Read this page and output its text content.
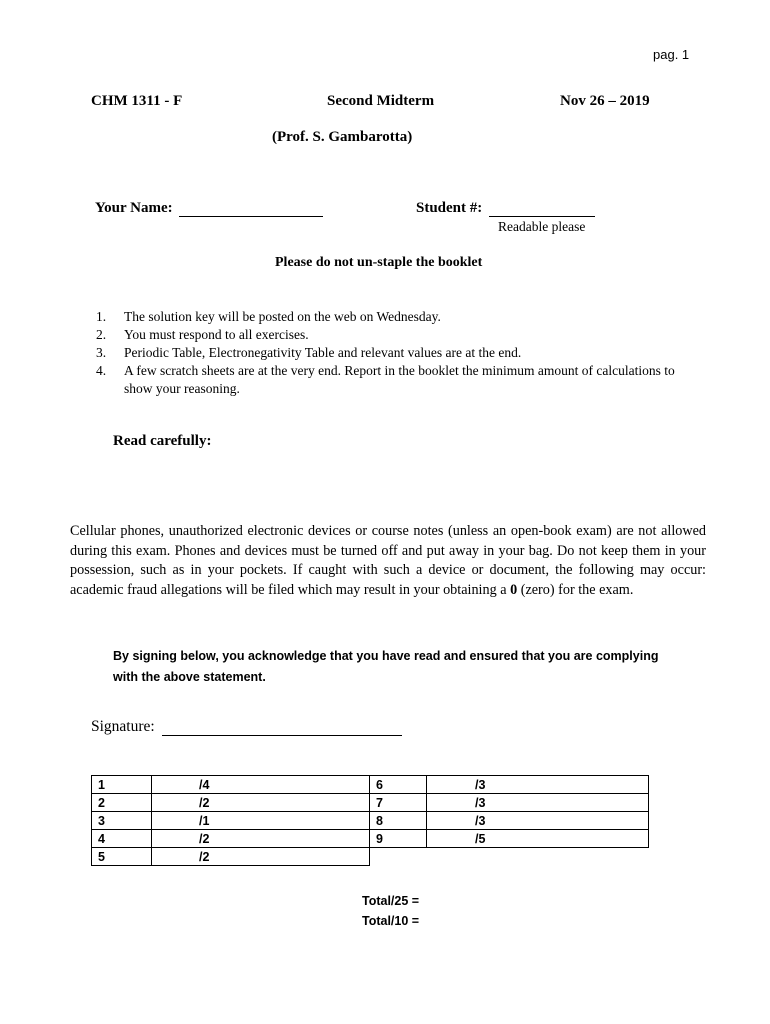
pag. 1
CHM 1311 - F	Second Midterm	Nov 26 – 2019
(Prof. S. Gambarotta)
Your Name:	Student #:
Readable please
Please do not un-staple the booklet
1. The solution key will be posted on the web on Wednesday.
2. You must respond to all exercises.
3. Periodic Table, Electronegativity Table and relevant values are at the end.
4. A few scratch sheets are at the very end. Report in the booklet the minimum amount of calculations to show your reasoning.
Read carefully:
Cellular phones, unauthorized electronic devices or course notes (unless an open-book exam) are not allowed during this exam. Phones and devices must be turned off and put away in your bag. Do not keep them in your possession, such as in your pockets. If caught with such a device or document, the following may occur: academic fraud allegations will be filed which may result in your obtaining a 0 (zero) for the exam.
By signing below, you acknowledge that you have read and ensured that you are complying with the above statement.
Signature:
1	/4	6	/3
2	/2	7	/3
3	/1	8	/3
4	/2	9	/5
5	/2		
Total/25 =
Total/10 =
